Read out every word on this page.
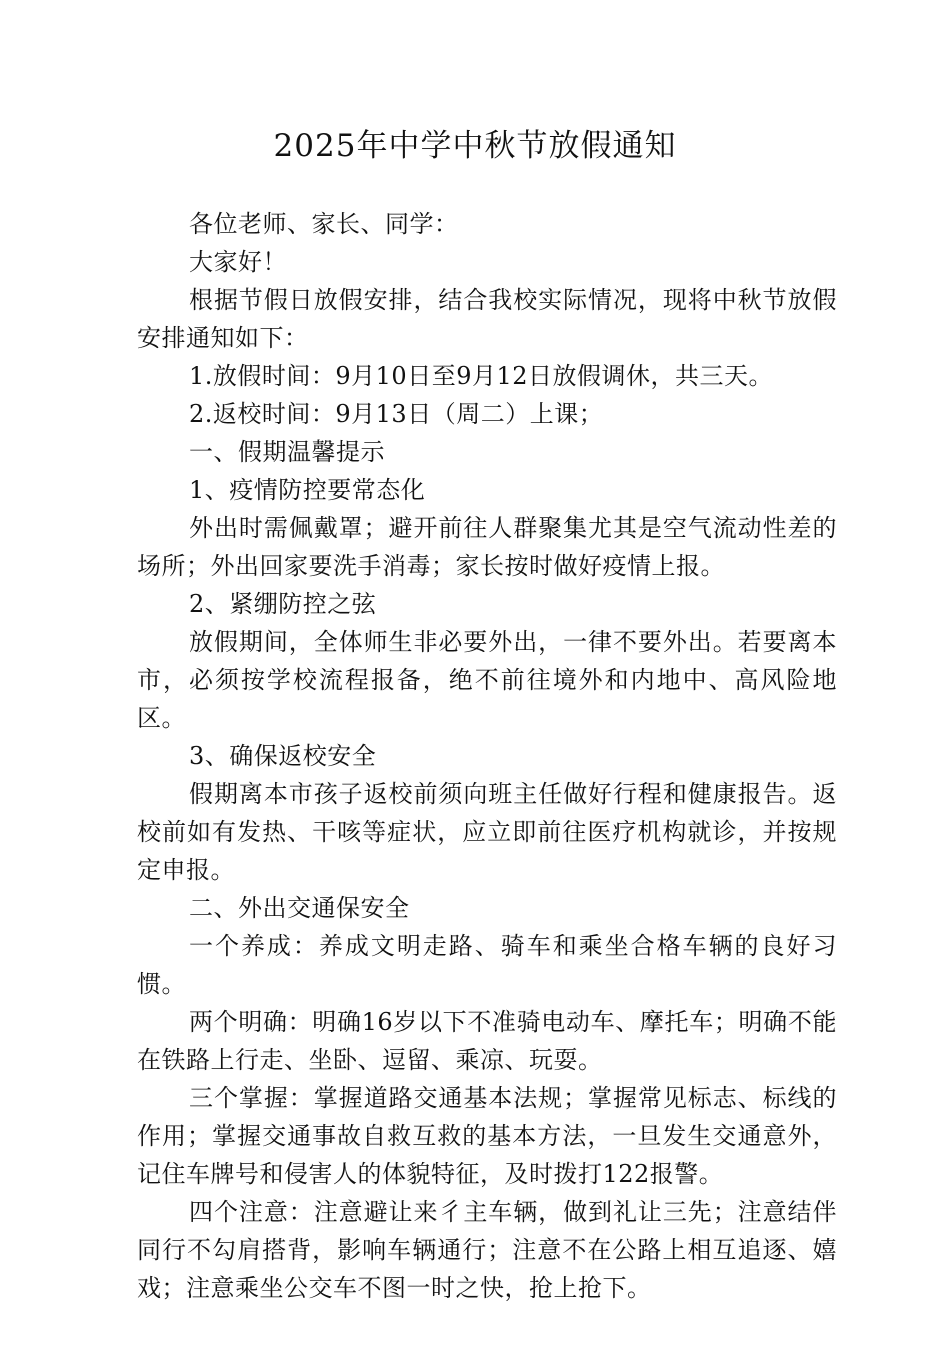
2025年中学中秋节放假通知

各位老师、家长、同学：

大家好！

根据节假日放假安排，结合我校实际情况，现将中秋节放假安排通知如下：

1.放假时间：9月10日至9月12日放假调休，共三天。

2.返校时间：9月13日（周二）上课；

一、假期温馨提示

1、疫情防控要常态化

外出时需佩戴罩；避开前往人群聚集尤其是空气流动性差的场所；外出回家要洗手消毒；家长按时做好疫情上报。

2、紧绷防控之弦

放假期间，全体师生非必要外出，一律不要外出。若要离本市，必须按学校流程报备，绝不前往境外和内地中、高风险地区。

3、确保返校安全

假期离本市孩子返校前须向班主任做好行程和健康报告。返校前如有发热、干咳等症状，应立即前往医疗机构就诊，并按规定申报。

二、外出交通保安全

一个养成：养成文明走路、骑车和乘坐合格车辆的良好习惯。

两个明确：明确16岁以下不准骑电动车、摩托车；明确不能在铁路上行走、坐卧、逗留、乘凉、玩耍。

三个掌握：掌握道路交通基本法规；掌握常见标志、标线的作用；掌握交通事故自救互救的基本方法，一旦发生交通意外，记住车牌号和侵害人的体貌特征，及时拨打122报警。

四个注意：注意避让来彳主车辆，做到礼让三先；注意结伴同行不勾肩搭背，影响车辆通行；注意不在公路上相互追逐、嬉戏；注意乘坐公交车不图一时之快，抢上抢下。
